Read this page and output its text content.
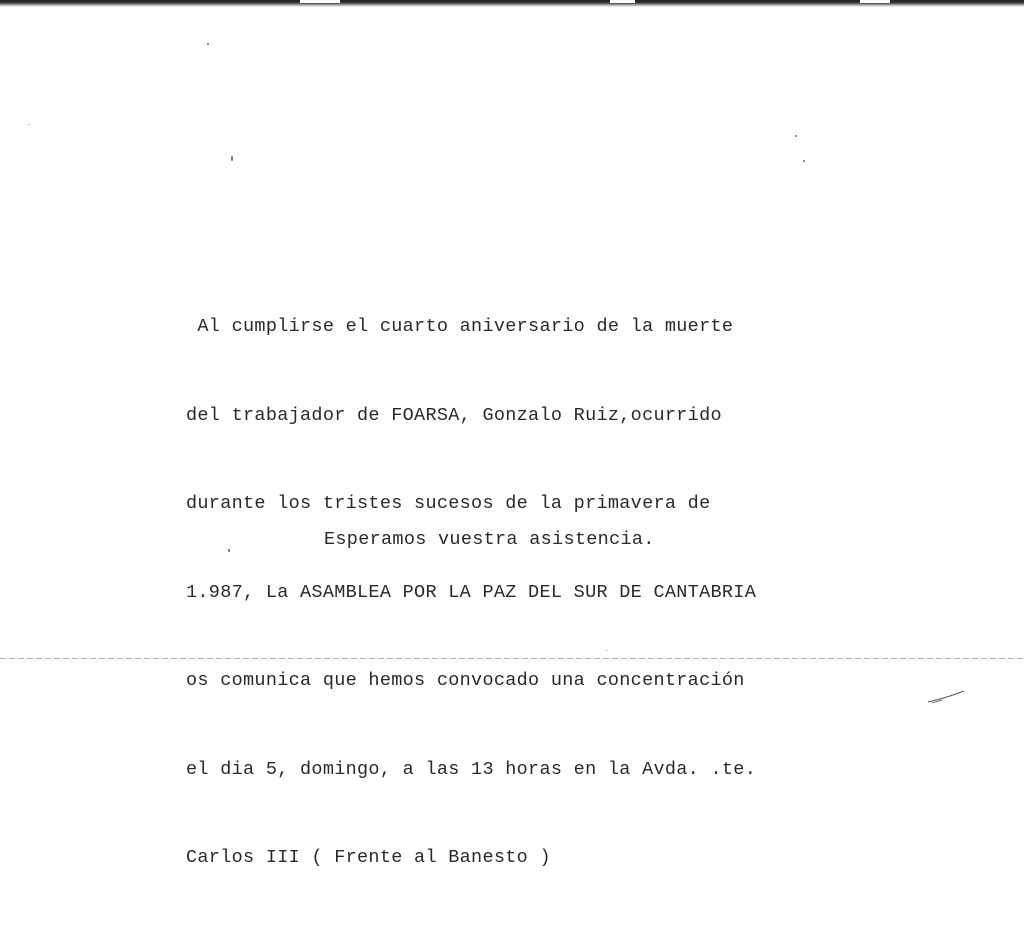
Al cumplirse el cuarto aniversario de la muerte

del trabajador de FOARSA, Gonzalo Ruiz,ocurrido

durante los tristes sucesos de la primavera de

1.987, La ASAMBLEA POR LA PAZ DEL SUR DE CANTABRIA

os comunica que hemos convocado una concentración

el dia 5, domingo, a las 13 horas en la Avda. .te.

Carlos III ( Frente al Banesto )

Esperamos vuestra asistencia.
